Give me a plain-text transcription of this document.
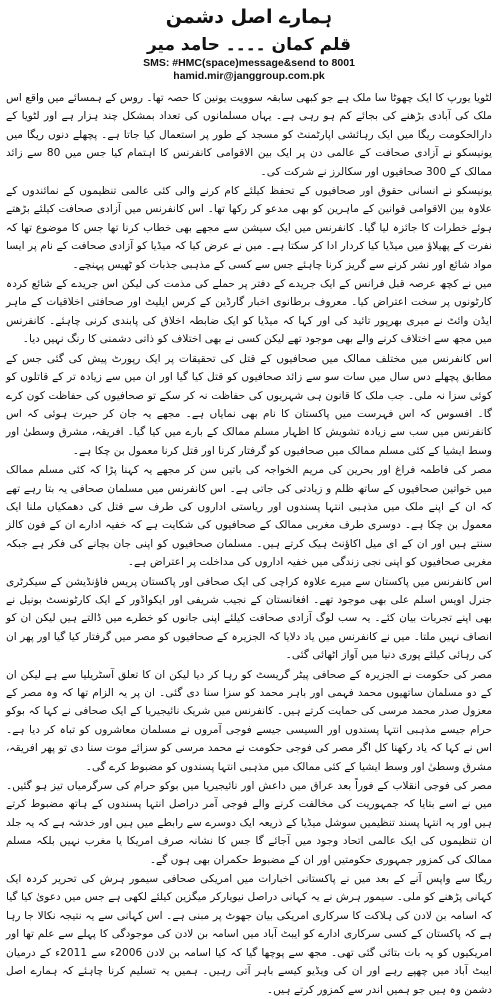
ہمارے اصل دشمن
قلم کمان ۔۔۔۔ حامد میر
SMS: #HMC(space)message&send to 8001
hamid.mir@janggroup.com.pk

لٹویا یورپ کا ایک چھوٹا سا ملک ہے جو کبھی سابقہ سوویت یونین کا حصہ تھا۔ روس کے ہمسائے میں واقع اس ملک کی آبادی بڑھنے کی بجائے کم ہو رہی ہے۔ یہاں مسلمانوں کی تعداد بمشکل چند ہزار ہے اور لٹویا کے دارالحکومت ریگا میں ایک رہائشی اپارٹمنٹ کو مسجد کے طور پر استعمال کیا جاتا ہے۔ پچھلے دنوں ریگا میں یونیسکو نے آزادی صحافت کے عالمی دن پر ایک بین الاقوامی کانفرنس کا اہتمام کیا جس میں 80 سے زائد ممالک کے 300 صحافیوں اور سکالرز نے شرکت کی۔

یونیسکو نے انسانی حقوق اور صحافیوں کے تحفظ کیلئے کام کرنے والی کئی عالمی تنظیموں کے نمائندوں کے علاوہ بین الاقوامی قوانین کے ماہرین کو بھی مدعو کر رکھا تھا۔ اس کانفرنس میں آزادی صحافت کیلئے بڑھتے ہوئے خطرات کا جائزہ لیا گیا۔ کانفرنس میں ایک سیشن سے مجھے بھی خطاب کرنا تھا جس کا موضوع تھا کہ نفرت کے پھیلاؤ میں میڈیا کیا کردار ادا کر سکتا ہے۔ میں نے عرض کیا کہ میڈیا کو آزادی صحافت کے نام پر ایسا مواد شائع اور نشر کرنے سے گریز کرنا چاہئے جس سے کسی کے مذہبی جذبات کو ٹھیس پہنچے۔

میں نے کچھ عرصہ قبل فرانس کے ایک جریدے کے دفتر پر حملے کی مذمت کی لیکن اس جریدے کے شائع کردہ کارٹونوں پر سخت اعتراض کیا۔ معروف برطانوی اخبار گارڈین کے کرس ایلیٹ اور صحافتی اخلاقیات کے ماہر ایڈن وائٹ نے میری بھرپور تائید کی اور کہا کہ میڈیا کو ایک ضابطہ اخلاق کی پابندی کرنی چاہئے۔ کانفرنس میں مجھ سے اختلاف کرنے والے بھی موجود تھے لیکن کسی نے بھی اختلاف کو ذاتی دشمنی کا رنگ نہیں دیا۔

اس کانفرنس میں مختلف ممالک میں صحافیوں کے قتل کی تحقیقات پر ایک رپورٹ پیش کی گئی جس کے مطابق پچھلے دس سال میں سات سو سے زائد صحافیوں کو قتل کیا گیا اور ان میں سے زیادہ تر کے قاتلوں کو کوئی سزا نہ ملی۔ جب ملک کا قانون ہی شہریوں کی حفاظت نہ کر سکے تو صحافیوں کی حفاظت کون کرے گا۔ افسوس کہ اس فہرست میں پاکستان کا نام بھی نمایاں ہے۔ مجھے یہ جان کر حیرت ہوئی کہ اس کانفرنس میں سب سے زیادہ تشویش کا اظہار مسلم ممالک کے بارے میں کیا گیا۔ افریقہ، مشرق وسطیٰ اور وسط ایشیا کے کئی مسلم ممالک میں صحافیوں کو گرفتار کرنا اور قتل کرنا معمول بن چکا ہے۔

مصر کی فاطمہ فراغ اور بحرین کی مریم الخواجہ کی باتیں سن کر مجھے یہ کہنا پڑا کہ کئی مسلم ممالک میں خواتین صحافیوں کے ساتھ ظلم و زیادتی کی جاتی ہے۔ اس کانفرنس میں مسلمان صحافی یہ بتا رہے تھے کہ ان کے اپنے ملک میں مذہبی انتہا پسندوں اور ریاستی اداروں کی طرف سے قتل کی دھمکیاں ملنا ایک معمول بن چکا ہے۔ دوسری طرف مغربی ممالک کے صحافیوں کی شکایت ہے کہ خفیہ ادارے ان کے فون کالز سنتے ہیں اور ان کے ای میل اکاؤنٹ ہیک کرتے ہیں۔ مسلمان صحافیوں کو اپنی جان بچانے کی فکر ہے جبکہ مغربی صحافیوں کو اپنی نجی زندگی میں خفیہ اداروں کی مداخلت پر اعتراض ہے۔

اس کانفرنس میں پاکستان سے میرے علاوہ کراچی کی ایک صحافی اور پاکستان پریس فاؤنڈیشن کے سیکرٹری جنرل اویس اسلم علی بھی موجود تھے۔ افغانستان کے نجیب شریفی اور ایکواڈور کے ایک کارٹونسٹ بونیل نے بھی اپنے تجربات بیان کئے۔ یہ سب لوگ آزادی صحافت کیلئے اپنی جانوں کو خطرے میں ڈالتے ہیں لیکن ان کو انصاف نہیں ملتا۔ میں نے کانفرنس میں یاد دلایا کہ الجزیرہ کے صحافیوں کو مصر میں گرفتار کیا گیا اور پھر ان کی رہائی کیلئے پوری دنیا میں آواز اٹھائی گئی۔

مصر کی حکومت نے الجزیرہ کے صحافی پیٹر گریسٹ کو رہا کر دیا لیکن ان کا تعلق آسٹریلیا سے ہے لیکن ان کے دو مسلمان ساتھیوں محمد فہمی اور باہر محمد کو سزا سنا دی گئی۔ ان پر یہ الزام تھا کہ وہ مصر کے معزول صدر محمد مرسی کی حمایت کرتے ہیں۔ کانفرنس میں شریک نائیجیریا کے ایک صحافی نے کہا کہ بوکو حرام جیسے مذہبی انتہا پسندوں اور السیسی جیسے فوجی آمروں نے مسلمان معاشروں کو تباہ کر دیا ہے۔ اس نے کہا کہ یاد رکھنا کل اگر مصر کی فوجی حکومت نے محمد مرسی کو سزائے موت سنا دی تو پھر افریقہ، مشرق وسطیٰ اور وسط ایشیا کے کئی ممالک میں مذہبی انتہا پسندوں کو مضبوط کرے گی۔

مصر کی فوجی انقلاب کے فوراً بعد عراق میں داعش اور نائیجیریا میں بوکو حرام کی سرگرمیاں تیز ہو گئیں۔ میں نے اسے بتایا کہ جمہوریت کی مخالفت کرنے والے فوجی آمر دراصل انتہا پسندوں کے ہاتھ مضبوط کرتے ہیں اور یہ انتہا پسند تنظیمیں سوشل میڈیا کے ذریعہ ایک دوسرے سے رابطے میں ہیں اور خدشہ ہے کہ یہ جلد ان تنظیموں کی ایک عالمی اتحاد وجود میں آجائے گا جس کا نشانہ صرف امریکا یا مغرب نہیں بلکہ مسلم ممالک کی کمزور جمہوری حکومتیں اور ان کے مضبوط حکمران بھی ہوں گے۔

ریگا سے واپس آنے کے بعد میں نے پاکستانی اخبارات میں امریکی صحافی سیمور ہرش کی تحریر کردہ ایک کہانی پڑھنے کو ملی۔ سیمور ہرش نے یہ کہانی دراصل نیویارکر میگزین کیلئے لکھی ہے جس میں دعویٰ کیا گیا کہ اسامہ بن لادن کی ہلاکت کا سرکاری امریکی بیان جھوٹ پر مبنی ہے۔ اس کہانی سے یہ نتیجہ نکالا جا رہا ہے کہ پاکستان کے کسی سرکاری ادارے کو ایبٹ آباد میں اسامہ بن لادن کی موجودگی کا پہلے سے علم تھا اور امریکیوں کو یہ بات بتائی گئی تھی۔ مجھ سے پوچھا گیا کہ کیا اسامہ بن لادن 2006ء سے 2011ء کے درمیان ایبٹ آباد میں چھپے رہے اور ان کی ویڈیو کیسے باہر آتی رہیں۔ ہمیں یہ تسلیم کرنا چاہئے کہ ہمارے اصل دشمن وہ ہیں جو ہمیں اندر سے کمزور کرتے ہیں۔
